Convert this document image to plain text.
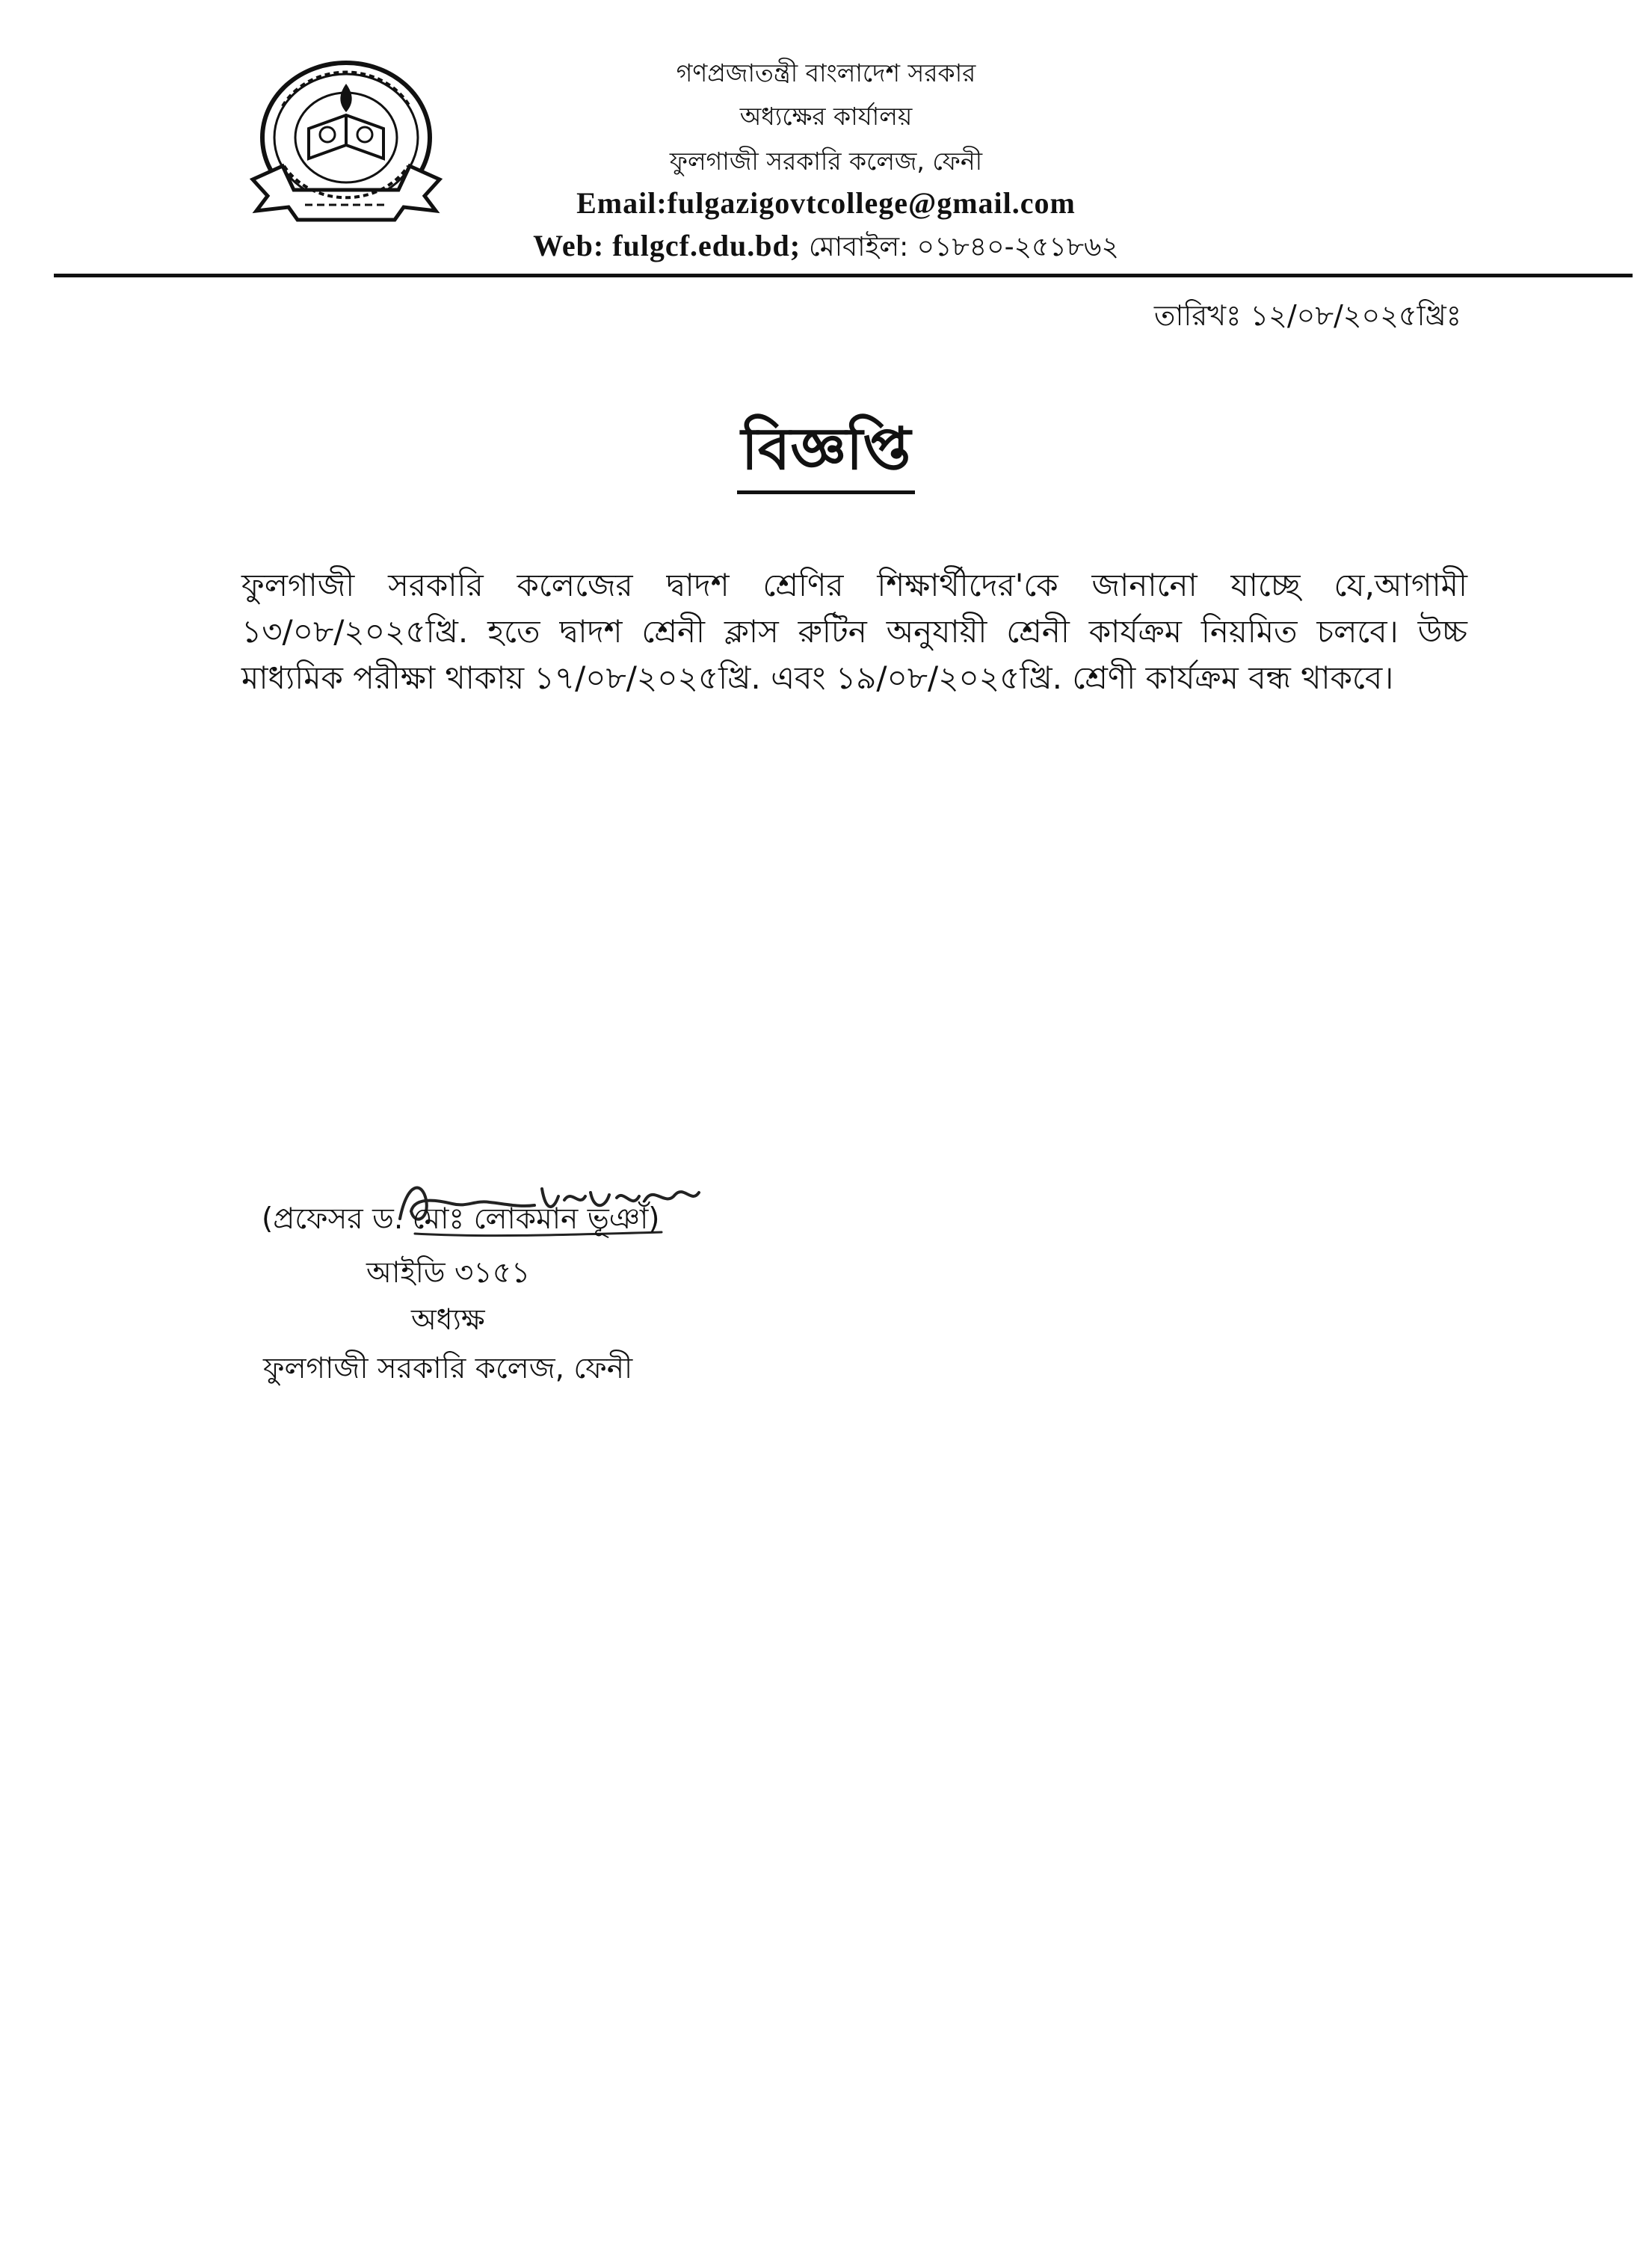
গণপ্রজাতন্ত্রী বাংলাদেশ সরকার
অধ্যক্ষের কার্যালয়
ফুলগাজী সরকারি কলেজ, ফেনী
Email:fulgazigovtcollege@gmail.com
Web: fulgcf.edu.bd; মোবাইল: ০১৮৪০-২৫১৮৬২
তারিখঃ ১২/০৮/২০২৫খ্রিঃ
বিজ্ঞপ্তি
ফুলগাজী সরকারি কলেজের দ্বাদশ শ্রেণির শিক্ষার্থীদের'কে জানানো যাচ্ছে যে,আগামী ১৩/০৮/২০২৫খ্রি. হতে দ্বাদশ শ্রেনী ক্লাস রুটিন অনুযায়ী শ্রেনী কার্যক্রম নিয়মিত চলবে। উচ্চ মাধ্যমিক পরীক্ষা থাকায় ১৭/০৮/২০২৫খ্রি. এবং ১৯/০৮/২০২৫খ্রি. শ্রেণী কার্যক্রম বন্ধ থাকবে।
(প্রফেসর ড. মোঃ লোকমান ভূঞাঁ)
আইডি ৩১৫১
অধ্যক্ষ
ফুলগাজী সরকারি কলেজ, ফেনী
